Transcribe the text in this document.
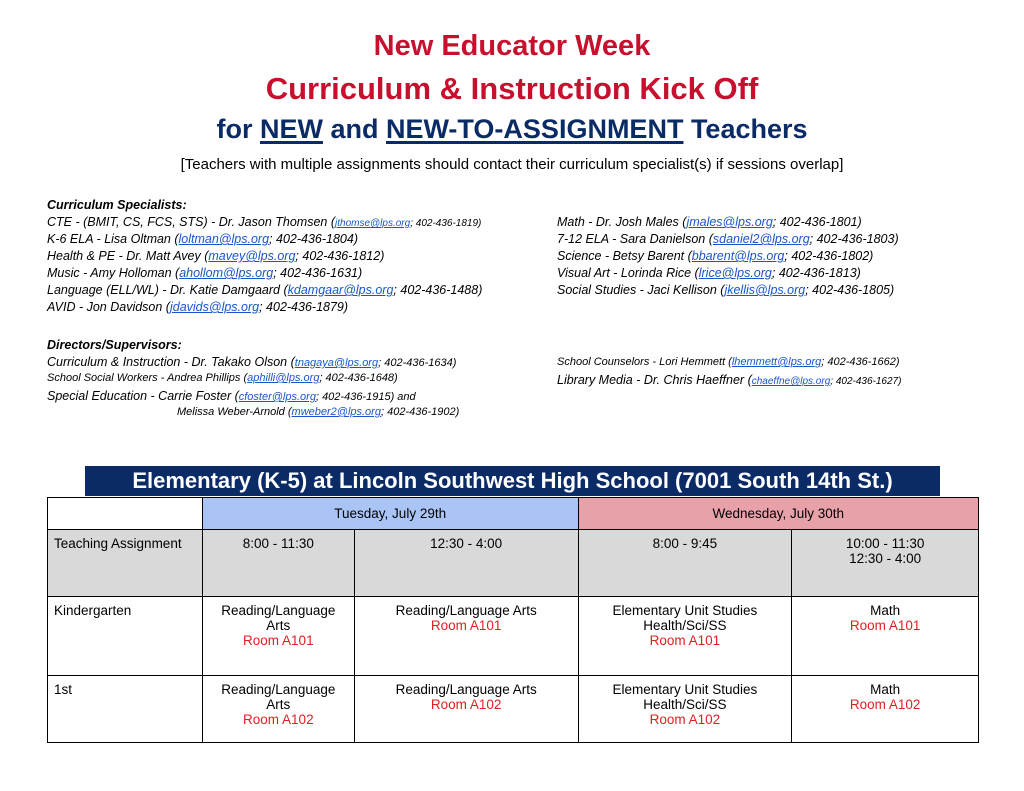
New Educator Week
Curriculum & Instruction Kick Off
for NEW and NEW-TO-ASSIGNMENT Teachers
[Teachers with multiple assignments should contact their curriculum specialist(s) if sessions overlap]
Curriculum Specialists:
CTE - (BMIT, CS, FCS, STS) - Dr. Jason Thomsen (jthomse@lps.org; 402-436-1819)
K-6 ELA - Lisa Oltman (loltman@lps.org; 402-436-1804)
Health & PE - Dr. Matt Avey (mavey@lps.org; 402-436-1812)
Music - Amy Holloman (ahollom@lps.org; 402-436-1631)
Language (ELL/WL) - Dr. Katie Damgaard (kdamgaar@lps.org; 402-436-1488)
AVID - Jon Davidson (jdavids@lps.org; 402-436-1879)
Math - Dr. Josh Males (jmales@lps.org; 402-436-1801)
7-12 ELA - Sara Danielson (sdaniel2@lps.org; 402-436-1803)
Science - Betsy Barent (bbarent@lps.org; 402-436-1802)
Visual Art - Lorinda Rice (lrice@lps.org; 402-436-1813)
Social Studies - Jaci Kellison (jkellis@lps.org; 402-436-1805)
Directors/Supervisors:
Curriculum & Instruction - Dr. Takako Olson (tnagaya@lps.org; 402-436-1634)
School Social Workers - Andrea Phillips (aphilli@lps.org; 402-436-1648)
Special Education - Carrie Foster (cfoster@lps.org; 402-436-1915) and
Melissa Weber-Arnold (mweber2@lps.org; 402-436-1902)
School Counselors - Lori Hemmett (lhemmett@lps.org; 402-436-1662)
Library Media - Dr. Chris Haeffner (chaeffne@lps.org; 402-436-1627)
Elementary (K-5) at Lincoln Southwest High School (7001 South 14th St.)
	Tuesday, July 29th		Wednesday, July 30th	
Teaching Assignment	8:00 - 11:30	12:30 - 4:00	8:00 - 9:45	10:00 - 11:30
12:30 - 4:00

Kindergarten	Reading/Language Arts
Room A101	Reading/Language Arts
Room A101	Elementary Unit Studies
Health/Sci/SS
Room A101	Math
Room A101

1st	Reading/Language Arts
Room A102	Reading/Language Arts
Room A102	Elementary Unit Studies
Health/Sci/SS
Room A102	Math
Room A102
